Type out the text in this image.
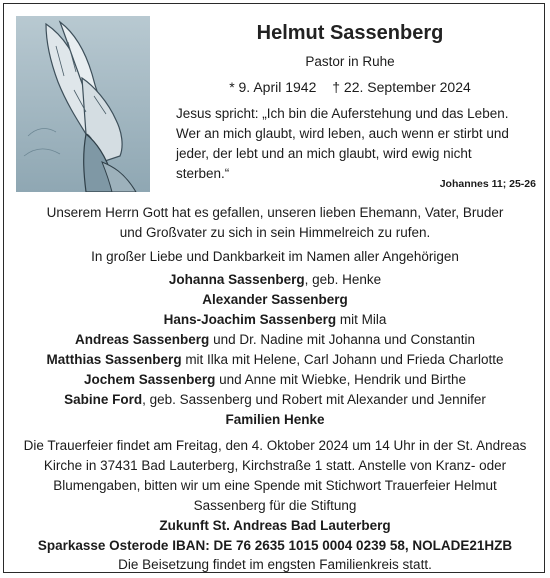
Helmut Sassenberg
Pastor in Ruhe
* 9. April 1942 † 22. September 2024
Jesus spricht: „Ich bin die Auferstehung und das Leben.
Wer an mich glaubt, wird leben, auch wenn er stirbt und
jeder, der lebt und an mich glaubt, wird ewig nicht
sterben.“
Johannes 11; 25-26
Unserem Herrn Gott hat es gefallen, unseren lieben Ehemann, Vater, Bruder
und Großvater zu sich in sein Himmelreich zu rufen.
In großer Liebe und Dankbarkeit im Namen aller Angehörigen
Johanna Sassenberg, geb. Henke
Alexander Sassenberg
Hans-Joachim Sassenberg mit Mila
Andreas Sassenberg und Dr. Nadine mit Johanna und Constantin
Matthias Sassenberg mit Ilka mit Helene, Carl Johann und Frieda Charlotte
Jochem Sassenberg und Anne mit Wiebke, Hendrik und Birthe
Sabine Ford, geb. Sassenberg und Robert mit Alexander und Jennifer
Familien Henke
Die Trauerfeier findet am Freitag, den 4. Oktober 2024 um 14 Uhr in der St. Andreas
Kirche in 37431 Bad Lauterberg, Kirchstraße 1 statt. Anstelle von Kranz- oder
Blumengaben, bitten wir um eine Spende mit Stichwort Trauerfeier Helmut
Sassenberg für die Stiftung
Zukunft St. Andreas Bad Lauterberg
Sparkasse Osterode IBAN: DE 76 2635 1015 0004 0239 58, NOLADE21HZB
Die Beisetzung findet im engsten Familienkreis statt.
